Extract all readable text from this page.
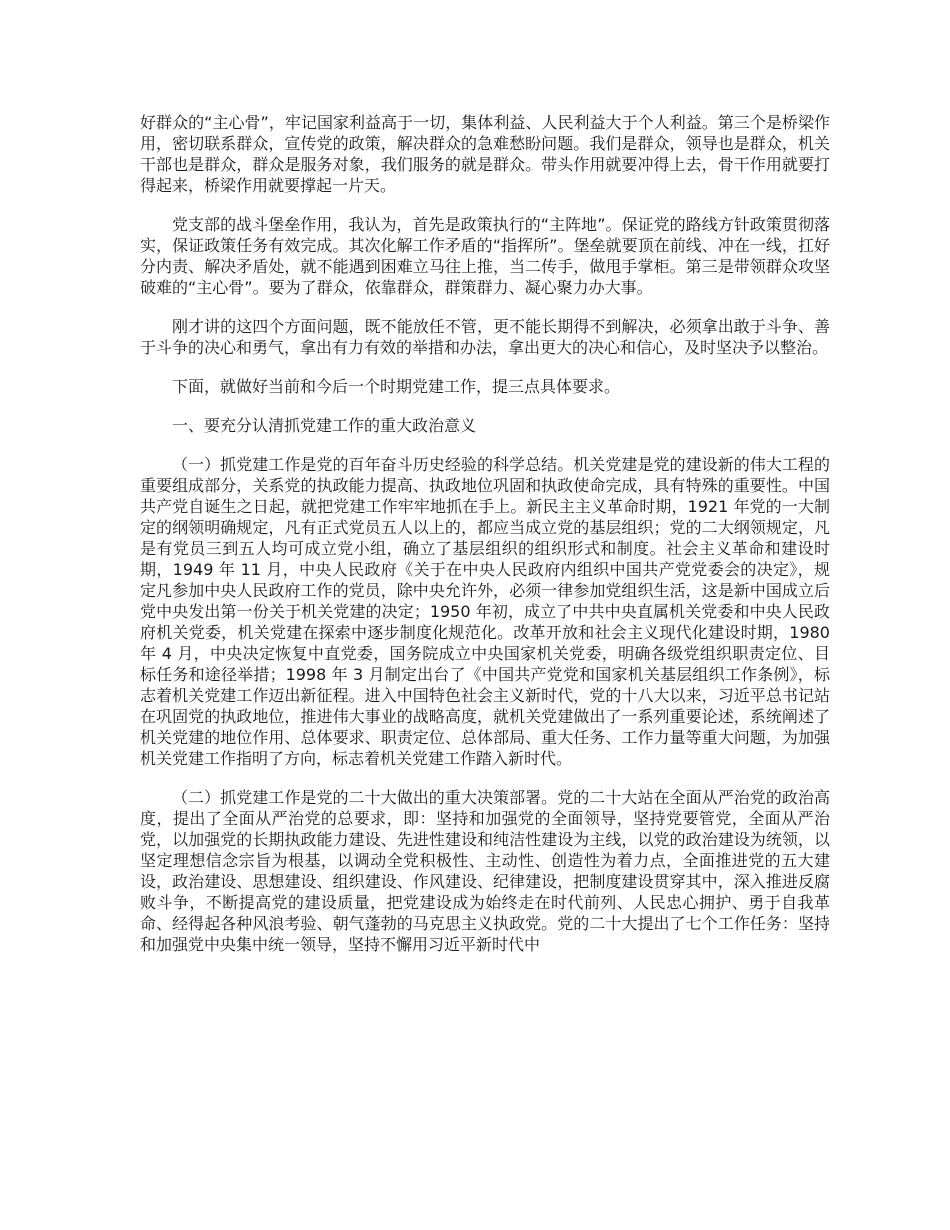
好群众的“主心骨”，牢记国家利益高于一切，集体利益、人民利益大于个人利益。第三个是桥梁作用，密切联系群众，宣传党的政策，解决群众的急难愁盼问题。我们是群众，领导也是群众，机关干部也是群众，群众是服务对象，我们服务的就是群众。带头作用就要冲得上去，骨干作用就要打得起来，桥梁作用就要撑起一片天。

党支部的战斗堡垒作用，我认为，首先是政策执行的“主阵地”。保证党的路线方针政策贯彻落实，保证政策任务有效完成。其次化解工作矛盾的“指挥所”。堡垒就要顶在前线、冲在一线，扛好分内责、解决矛盾处，就不能遇到困难立马往上推，当二传手，做甩手掌柜。第三是带领群众攻坚破难的“主心骨”。要为了群众，依靠群众，群策群力、凝心聚力办大事。

刚才讲的这四个方面问题，既不能放任不管，更不能长期得不到解决，必须拿出敢于斗争、善于斗争的决心和勇气，拿出有力有效的举措和办法，拿出更大的决心和信心，及时坚决予以整治。

下面，就做好当前和今后一个时期党建工作，提三点具体要求。

一、要充分认清抓党建工作的重大政治意义

（一）抓党建工作是党的百年奋斗历史经验的科学总结。机关党建是党的建设新的伟大工程的重要组成部分，关系党的执政能力提高、执政地位巩固和执政使命完成，具有特殊的重要性。中国共产党自诞生之日起，就把党建工作牢牢地抓在手上。新民主主义革命时期，1921 年党的一大制定的纲领明确规定，凡有正式党员五人以上的，都应当成立党的基层组织；党的二大纲领规定，凡是有党员三到五人均可成立党小组，确立了基层组织的组织形式和制度。社会主义革命和建设时期，1949 年 11 月，中央人民政府《关于在中央人民政府内组织中国共产党党委会的决定》，规定凡参加中央人民政府工作的党员，除中央允许外，必须一律参加党组织生活，这是新中国成立后党中央发出第一份关于机关党建的决定；1950 年初，成立了中共中央直属机关党委和中央人民政府机关党委，机关党建在探索中逐步制度化规范化。改革开放和社会主义现代化建设时期，1980 年 4 月，中央决定恢复中直党委，国务院成立中央国家机关党委，明确各级党组织职责定位、目标任务和途径举措；1998 年 3 月制定出台了《中国共产党党和国家机关基层组织工作条例》，标志着机关党建工作迈出新征程。进入中国特色社会主义新时代，党的十八大以来，习近平总书记站在巩固党的执政地位，推进伟大事业的战略高度，就机关党建做出了一系列重要论述，系统阐述了机关党建的地位作用、总体要求、职责定位、总体部局、重大任务、工作力量等重大问题，为加强机关党建工作指明了方向，标志着机关党建工作踏入新时代。

（二）抓党建工作是党的二十大做出的重大决策部署。党的二十大站在全面从严治党的政治高度，提出了全面从严治党的总要求，即：坚持和加强党的全面领导，坚持党要管党，全面从严治党，以加强党的长期执政能力建设、先进性建设和纯洁性建设为主线，以党的政治建设为统领，以坚定理想信念宗旨为根基，以调动全党积极性、主动性、创造性为着力点，全面推进党的五大建设，政治建设、思想建设、组织建设、作风建设、纪律建设，把制度建设贯穿其中，深入推进反腐败斗争，不断提高党的建设质量，把党建设成为始终走在时代前列、人民忠心拥护、勇于自我革命、经得起各种风浪考验、朝气蓬勃的马克思主义执政党。党的二十大提出了七个工作任务：坚持和加强党中央集中统一领导，坚持不懈用习近平新时代中
